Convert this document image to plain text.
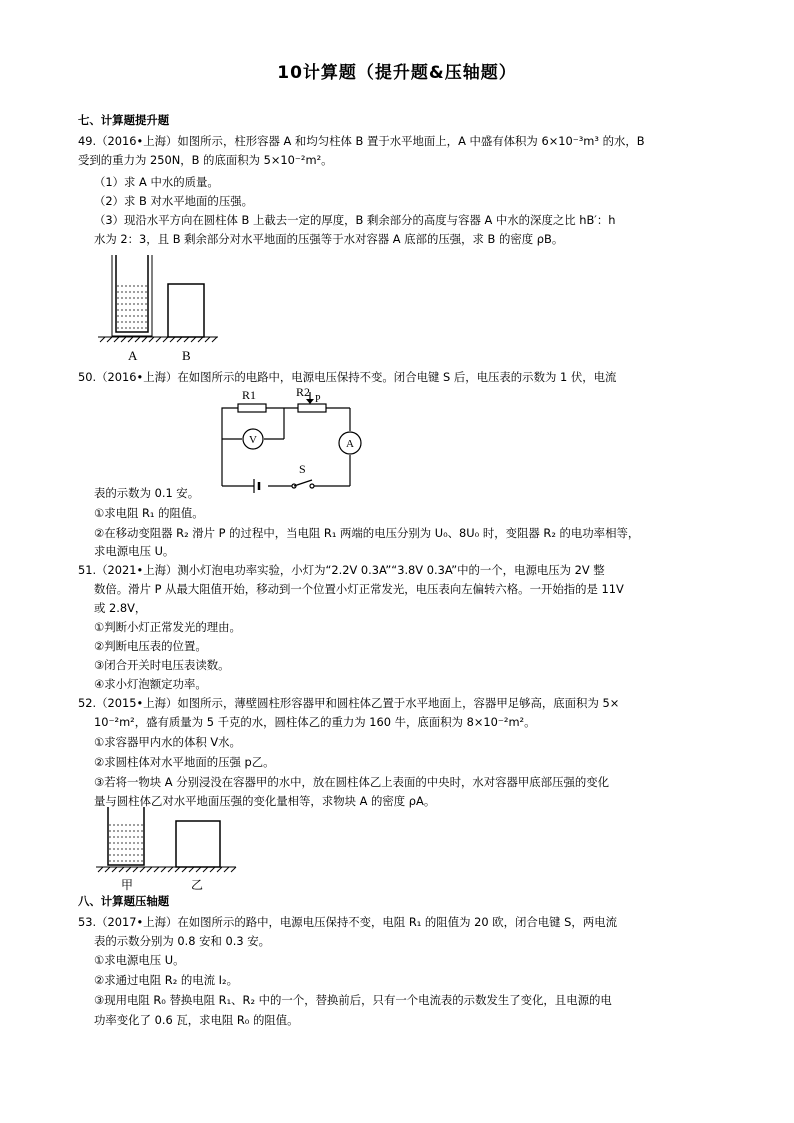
10计算题（提升题&压轴题）
七、计算题提升题
49.（2016•上海）如图所示，柱形容器 A 和均匀柱体 B 置于水平地面上，A 中盛有体积为 6×10⁻³m³ 的水，B
受到的重力为 250N，B 的底面积为 5×10⁻²m²。
（1）求 A 中水的质量。
（2）求 B 对水平地面的压强。
（3）现沿水平方向在圆柱体 B 上截去一定的厚度，B 剩余部分的高度与容器 A 中水的深度之比 hB′：h
水为 2：3，且 B 剩余部分对水平地面的压强等于水对容器 A 底部的压强，求 B 的密度 ρB。
A	B
50.（2016•上海）在如图所示的电路中，电源电压保持不变。闭合电键 S 后，电压表的示数为 1 伏，电流
R1	R2
P
V	A
S
表的示数为 0.1 安。
①求电阻 R₁ 的阻值。
②在移动变阻器 R₂ 滑片 P 的过程中，当电阻 R₁ 两端的电压分别为 U₀、8U₀ 时，变阻器 R₂ 的电功率相等，
求电源电压 U。
51.（2021•上海）测小灯泡电功率实验，小灯为“2.2V 0.3A”“3.8V 0.3A”中的一个，电源电压为 2V 整
数倍。滑片 P 从最大阻值开始，移动到一个位置小灯正常发光，电压表向左偏转六格。一开始指的是 11V
或 2.8V，
①判断小灯正常发光的理由。
②判断电压表的位置。
③闭合开关时电压表读数。
④求小灯泡额定功率。
52.（2015•上海）如图所示，薄壁圆柱形容器甲和圆柱体乙置于水平地面上，容器甲足够高，底面积为 5×
10⁻²m²，盛有质量为 5 千克的水，圆柱体乙的重力为 160 牛，底面积为 8×10⁻²m²。
①求容器甲内水的体积 V水。
②求圆柱体对水平地面的压强 p乙。
③若将一物块 A 分别浸没在容器甲的水中，放在圆柱体乙上表面的中央时，水对容器甲底部压强的变化
量与圆柱体乙对水平地面压强的变化量相等，求物块 A 的密度 ρA。
甲	乙
八、计算题压轴题
53.（2017•上海）在如图所示的路中，电源电压保持不变，电阻 R₁ 的阻值为 20 欧，闭合电键 S，两电流
表的示数分别为 0.8 安和 0.3 安。
①求电源电压 U。
②求通过电阻 R₂ 的电流 I₂。
③现用电阻 R₀ 替换电阻 R₁、R₂ 中的一个，替换前后，只有一个电流表的示数发生了变化，且电源的电
功率变化了 0.6 瓦，求电阻 R₀ 的阻值。
